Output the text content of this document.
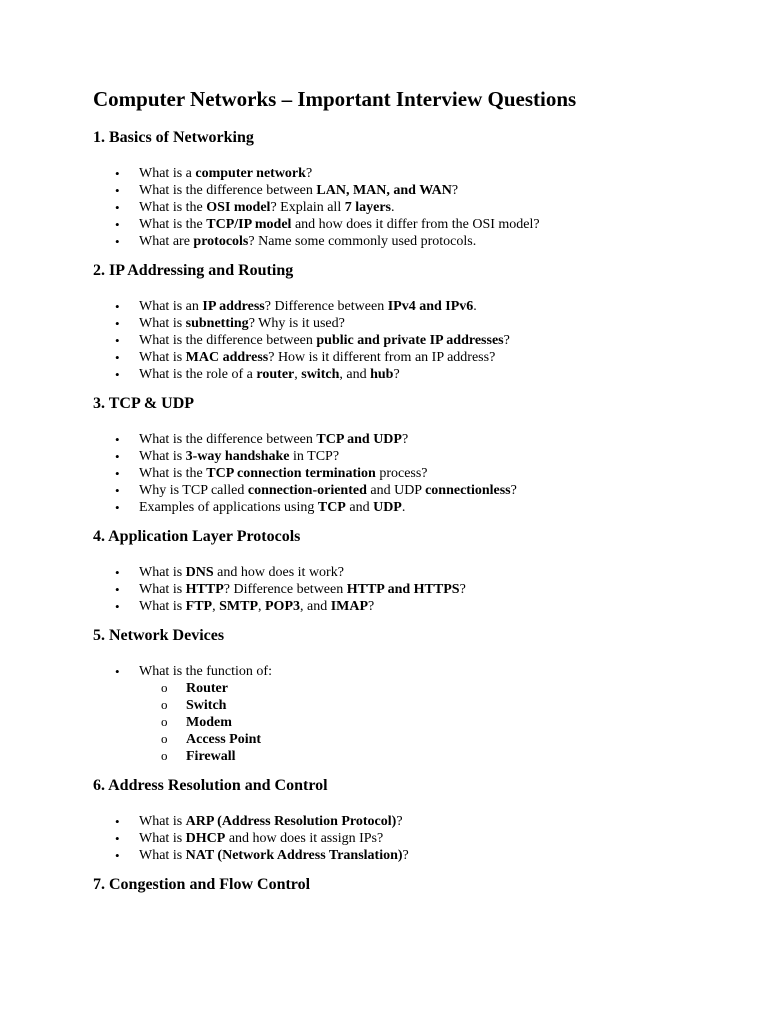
Computer Networks – Important Interview Questions
1. Basics of Networking
• What is a computer network?
• What is the difference between LAN, MAN, and WAN?
• What is the OSI model? Explain all 7 layers.
• What is the TCP/IP model and how does it differ from the OSI model?
• What are protocols? Name some commonly used protocols.
2. IP Addressing and Routing
• What is an IP address? Difference between IPv4 and IPv6.
• What is subnetting? Why is it used?
• What is the difference between public and private IP addresses?
• What is MAC address? How is it different from an IP address?
• What is the role of a router, switch, and hub?
3. TCP & UDP
• What is the difference between TCP and UDP?
• What is 3-way handshake in TCP?
• What is the TCP connection termination process?
• Why is TCP called connection-oriented and UDP connectionless?
• Examples of applications using TCP and UDP.
4. Application Layer Protocols
• What is DNS and how does it work?
• What is HTTP? Difference between HTTP and HTTPS?
• What is FTP, SMTP, POP3, and IMAP?
5. Network Devices
• What is the function of:
o Router
o Switch
o Modem
o Access Point
o Firewall
6. Address Resolution and Control
• What is ARP (Address Resolution Protocol)?
• What is DHCP and how does it assign IPs?
• What is NAT (Network Address Translation)?
7. Congestion and Flow Control
